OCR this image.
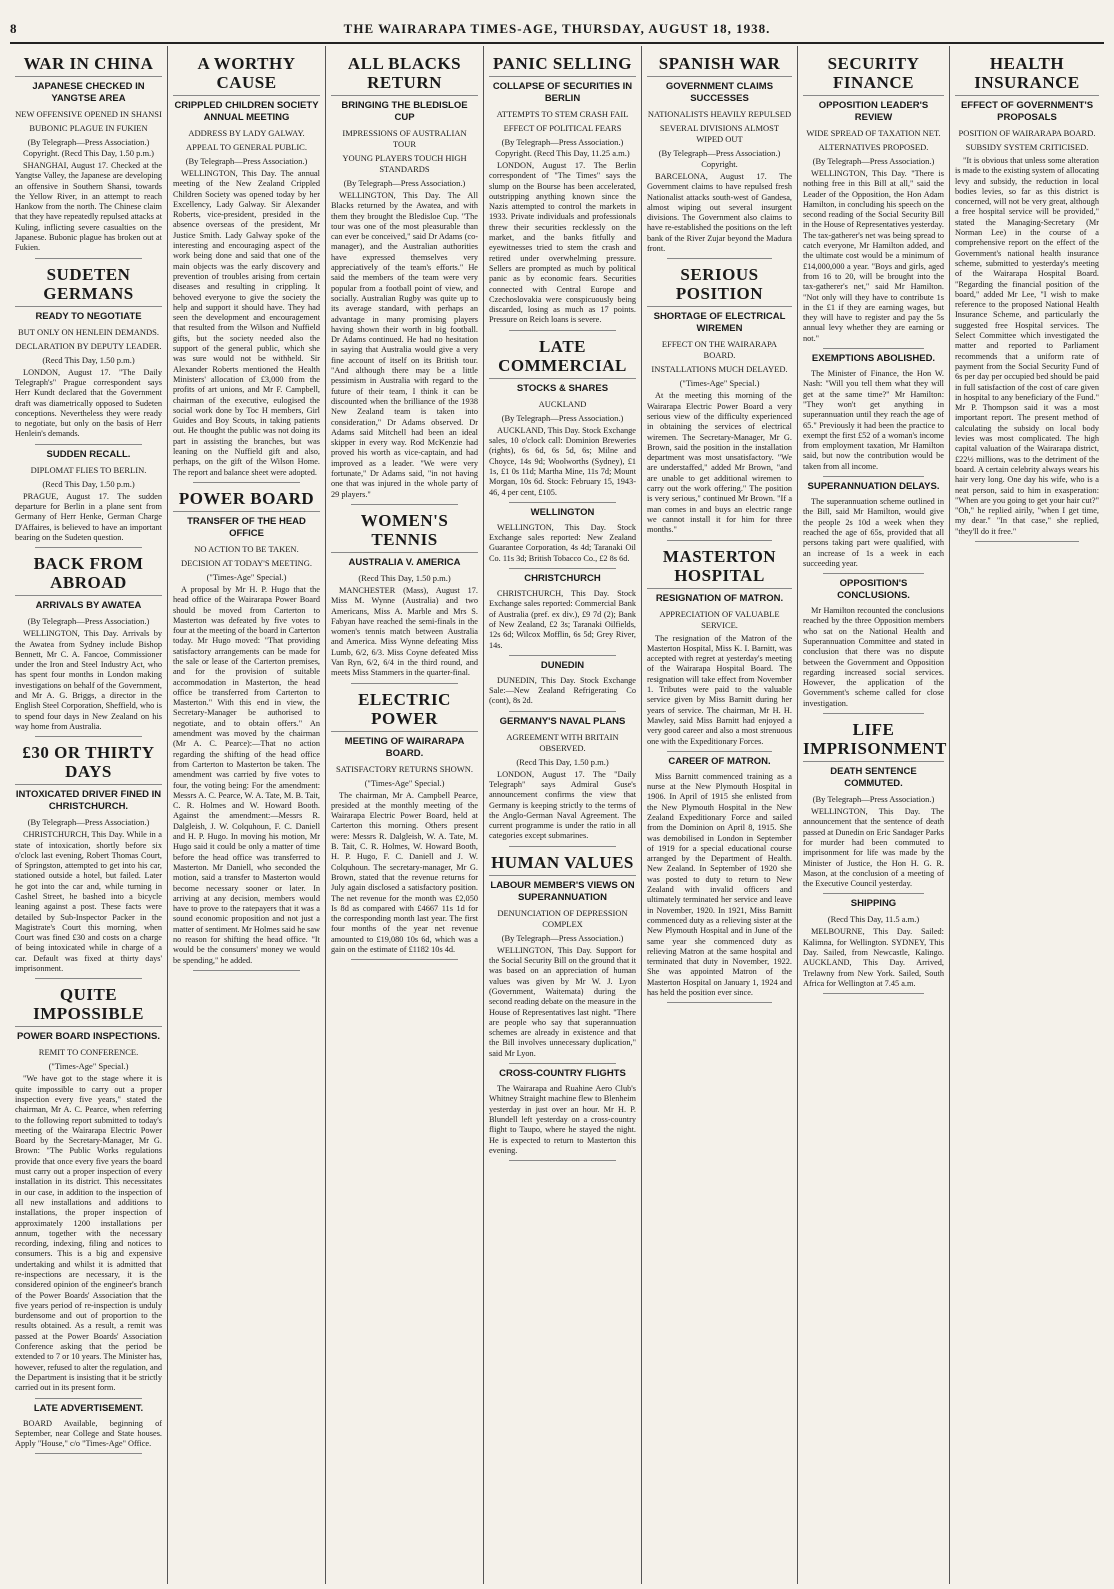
8	THE WAIRARAPA TIMES-AGE, THURSDAY, AUGUST 18, 1938.
WAR IN CHINA
JAPANESE CHECKED IN YANGTSE AREA
NEW OFFENSIVE OPENED IN SHANSI
BUBONIC PLAGUE IN FUKIEN
(By Telegraph—Press Association.) Copyright. (Recd This Day, 1.50 p.m.)

SHANGHAI, August 17. Checked at the Yangtse Valley, the Japanese are developing an offensive in Southern Shansi, towards the Yellow River, in an attempt to reach Hankow from the north. The Chinese claim that they have repeatedly repulsed attacks at Kuling, inflicting severe casualties on the Japanese. Bubonic plague has broken out at Fukien.

SUDETEN GERMANS
READY TO NEGOTIATE
BUT ONLY ON HENLEIN DEMANDS.
DECLARATION BY DEPUTY LEADER.
(Recd This Day, 1.50 p.m.)

LONDON, August 17. "The Daily Telegraph's" Prague correspondent says Herr Kundt declared that the Government draft was diametrically opposed to Sudeten conceptions. Nevertheless they were ready to negotiate, but only on the basis of Herr Henlein's demands.

SUDDEN RECALL.
DIPLOMAT FLIES TO BERLIN.
(Recd This Day, 1.50 p.m.)

PRAGUE, August 17. The sudden departure for Berlin in a plane sent from Germany of Herr Henke, German Charge D'Affaires, is believed to have an important bearing on the Sudeten question.

BACK FROM ABROAD
ARRIVALS BY AWATEA
(By Telegraph—Press Association.)

WELLINGTON, This Day. Arrivals by the Awatea from Sydney include Bishop Bennett, Mr C. A. Fancoe, Commissioner under the Iron and Steel Industry Act, who has spent four months in London making investigations on behalf of the Government, and Mr A. G. Briggs, a director in the English Steel Corporation, Sheffield, who is to spend four days in New Zealand on his way home from Australia.

£30 OR THIRTY DAYS
INTOXICATED DRIVER FINED IN CHRISTCHURCH.
(By Telegraph—Press Association.)

CHRISTCHURCH, This Day. While in a state of intoxication, shortly before six o'clock last evening, Robert Thomas Court, of Springston, attempted to get into his car, stationed outside a hotel, but failed. Later he got into the car and, while turning in Cashel Street, he bashed into a bicycle leaning against a post. These facts were detailed by Sub-Inspector Packer in the Magistrate's Court this morning, when Court was fined £30 and costs on a charge of being intoxicated while in charge of a car. Default was fixed at thirty days' imprisonment.

QUITE IMPOSSIBLE
POWER BOARD INSPECTIONS.
REMIT TO CONFERENCE.
("Times-Age" Special.)

"We have got to the stage where it is quite impossible to carry out a proper inspection every five years," stated the chairman, Mr A. C. Pearce, when referring to the following report submitted to today's meeting of the Wairarapa Electric Power Board by the Secretary-Manager, Mr G. Brown: "The Public Works regulations provide that once every five years the board must carry out a proper inspection of every installation in its district. This necessitates in our case, in addition to the inspection of all new installations and additions to installations, the proper inspection of approximately 1200 installations per annum, together with the necessary recording, indexing, filing and notices to consumers. This is a big and expensive undertaking and whilst it is admitted that re-inspections are necessary, it is the considered opinion of the engineer's branch of the Power Boards' Association that the five years period of re-inspection is unduly burdensome and out of proportion to the results obtained. As a result, a remit was passed at the Power Boards' Association Conference asking that the period be extended to 7 or 10 years. The Minister has, however, refused to alter the regulation, and the Department is insisting that it be strictly carried out in its present form.

LATE ADVERTISEMENT.

BOARD Available, beginning of September, near College and State houses. Apply "House," c/o "Times-Age" Office.

A WORTHY CAUSE
CRIPPLED CHILDREN SOCIETY ANNUAL MEETING
ADDRESS BY LADY GALWAY.
APPEAL TO GENERAL PUBLIC.
(By Telegraph—Press Association.)

WELLINGTON, This Day. The annual meeting of the New Zealand Crippled Children Society was opened today by her Excellency, Lady Galway. Sir Alexander Roberts, vice-president, presided in the absence overseas of the president, Mr Justice Smith. Lady Galway spoke of the interesting and encouraging aspect of the work being done and said that one of the main objects was the early discovery and prevention of troubles arising from certain diseases and resulting in crippling. It behoved everyone to give the society the help and support it should have. They had seen the development and encouragement that resulted from the Wilson and Nuffield gifts, but the society needed also the support of the general public, which she was sure would not be withheld. Sir Alexander Roberts mentioned the Health Ministers' allocation of £3,000 from the profits of art unions, and Mr F. Campbell, chairman of the executive, eulogised the social work done by Toc H members, Girl Guides and Boy Scouts, in taking patients out. He thought the public was not doing its part in assisting the branches, but was leaning on the Nuffield gift and also, perhaps, on the gift of the Wilson Home. The report and balance sheet were adopted.

POWER BOARD
TRANSFER OF THE HEAD OFFICE
NO ACTION TO BE TAKEN.
DECISION AT TODAY'S MEETING.
("Times-Age" Special.)

A proposal by Mr H. P. Hugo that the head office of the Wairarapa Power Board should be moved from Carterton to Masterton was defeated by five votes to four at the meeting of the board in Carterton today. Mr Hugo moved: "That providing satisfactory arrangements can be made for the sale or lease of the Carterton premises, and for the provision of suitable accommodation in Masterton, the head office be transferred from Carterton to Masterton." With this end in view, the Secretary-Manager be authorised to negotiate, and to obtain offers." An amendment was moved by the chairman (Mr A. C. Pearce):—That no action regarding the shifting of the head office from Carterton to Masterton be taken. The amendment was carried by five votes to four, the voting being: For the amendment: Messrs A. C. Pearce, W. A. Tate, M. B. Tait, C. R. Holmes and W. Howard Booth. Against the amendment:—Messrs R. Dalgleish, J. W. Colquhoun, F. C. Daniell and H. P. Hugo. In moving his motion, Mr Hugo said it could be only a matter of time before the head office was transferred to Masterton. Mr Daniell, who seconded the motion, said a transfer to Masterton would become necessary sooner or later. In arriving at any decision, members would have to prove to the ratepayers that it was a sound economic proposition and not just a matter of sentiment. Mr Holmes said he saw no reason for shifting the head office. "It would be the consumers' money we would be spending," he added.

ALL BLACKS RETURN
BRINGING THE BLEDISLOE CUP
IMPRESSIONS OF AUSTRALIAN TOUR
YOUNG PLAYERS TOUCH HIGH STANDARDS
(By Telegraph—Press Association.)

WELLINGTON, This Day. The All Blacks returned by the Awatea, and with them they brought the Bledisloe Cup. "The tour was one of the most pleasurable than can ever be conceived," said Dr Adams (co-manager), and the Australian authorities have expressed themselves very appreciatively of the team's efforts." He said the members of the team were very popular from a football point of view, and socially. Australian Rugby was quite up to its average standard, with perhaps an advantage in many promising players having shown their worth in big football. Dr Adams continued. He had no hesitation in saying that Australia would give a very fine account of itself on its British tour. "And although there may be a little pessimism in Australia with regard to the future of their team, I think it can be discounted when the brilliance of the 1938 New Zealand team is taken into consideration," Dr Adams observed. Dr Adams said Mitchell had been an ideal skipper in every way. Rod McKenzie had proved his worth as vice-captain, and had improved as a leader. "We were very fortunate," Dr Adams said, "in not having one that was injured in the whole party of 29 players."

WOMEN'S TENNIS
AUSTRALIA V. AMERICA
(Recd This Day, 1.50 p.m.)

MANCHESTER (Mass), August 17. Miss M. Wynne (Australia) and two Americans, Miss A. Marble and Mrs S. Fabyan have reached the semi-finals in the women's tennis match between Australia and America. Miss Wynne defeating Miss Lumb, 6/2, 6/3. Miss Coyne defeated Miss Van Ryn, 6/2, 6/4 in the third round, and meets Miss Stammers in the quarter-final.

ELECTRIC POWER
MEETING OF WAIRARAPA BOARD.
SATISFACTORY RETURNS SHOWN.
("Times-Age" Special.)

The chairman, Mr A. Campbell Pearce, presided at the monthly meeting of the Wairarapa Electric Power Board, held at Carterton this morning. Others present were: Messrs R. Dalgleish, W. A. Tate, M. B. Tait, C. R. Holmes, W. Howard Booth, H. P. Hugo, F. C. Daniell and J. W. Colquhoun. The secretary-manager, Mr G. Brown, stated that the revenue returns for July again disclosed a satisfactory position. The net revenue for the month was £2,050 Is 8d as compared with £4667 11s 1d for the corresponding month last year. The first four months of the year net revenue amounted to £19,080 10s 6d, which was a gain on the estimate of £1182 10s 4d.

PANIC SELLING
COLLAPSE OF SECURITIES IN BERLIN
ATTEMPTS TO STEM CRASH FAIL
EFFECT OF POLITICAL FEARS
(By Telegraph—Press Association.) Copyright. (Recd This Day, 11.25 a.m.)

LONDON, August 17. The Berlin correspondent of "The Times" says the slump on the Bourse has been accelerated, outstripping anything known since the Nazis attempted to control the markets in 1933. Private individuals and professionals threw their securities recklessly on the market, and the banks fitfully and eyewitnesses tried to stem the crash and retired under overwhelming pressure. Sellers are prompted as much by political panic as by economic fears. Securities connected with Central Europe and Czechoslovakia were conspicuously being discarded, losing as much as 17 points. Pressure on Reich loans is severe.

LATE COMMERCIAL
STOCKS & SHARES
AUCKLAND
(By Telegraph—Press Association.)

AUCKLAND, This Day. Stock Exchange sales, 10 o'clock call: Dominion Breweries (rights), 6s 6d, 6s 5d, 6s; Milne and Choyce, 14s 9d; Woolworths (Sydney), £1 1s, £1 0s 11d; Martha Mine, 11s 7d; Mount Morgan, 10s 6d. Stock: February 15, 1943-46, 4 per cent, £105.

WELLINGTON

WELLINGTON, This Day. Stock Exchange sales reported: New Zealand Guarantee Corporation, 4s 4d; Taranaki Oil Co. 11s 3d; British Tobacco Co., £2 8s 6d.

CHRISTCHURCH

CHRISTCHURCH, This Day. Stock Exchange sales reported: Commercial Bank of Australia (pref. ex div.), £9 7d (2); Bank of New Zealand, £2 3s; Taranaki Oilfields, 12s 6d; Wilcox Mofflin, 6s 5d; Grey River, 14s.

DUNEDIN

DUNEDIN, This Day. Stock Exchange Sale:—New Zealand Refrigerating Co (cont), 8s 2d.

GERMANY'S NAVAL PLANS
AGREEMENT WITH BRITAIN OBSERVED.
(Recd This Day, 1.50 p.m.)

LONDON, August 17. The "Daily Telegraph" says Admiral Guse's announcement confirms the view that Germany is keeping strictly to the terms of the Anglo-German Naval Agreement. The current programme is under the ratio in all categories except submarines.

HUMAN VALUES
LABOUR MEMBER'S VIEWS ON SUPERANNUATION
DENUNCIATION OF DEPRESSION COMPLEX
(By Telegraph—Press Association.)

WELLINGTON, This Day. Support for the Social Security Bill on the ground that it was based on an appreciation of human values was given by Mr W. J. Lyon (Government, Waitemata) during the second reading debate on the measure in the House of Representatives last night. "There are people who say that superannuation schemes are already in existence and that the Bill involves unnecessary duplication," said Mr Lyon.

CROSS-COUNTRY FLIGHTS

The Wairarapa and Ruahine Aero Club's Whitney Straight machine flew to Blenheim yesterday in just over an hour. Mr H. P. Blundell left yesterday on a cross-country flight to Taupo, where he stayed the night. He is expected to return to Masterton this evening.

SPANISH WAR
GOVERNMENT CLAIMS SUCCESSES
NATIONALISTS HEAVILY REPULSED
SEVERAL DIVISIONS ALMOST WIPED OUT
(By Telegraph—Press Association.) Copyright.

BARCELONA, August 17. The Government claims to have repulsed fresh Nationalist attacks south-west of Gandesa, almost wiping out several insurgent divisions. The Government also claims to have re-established the positions on the left bank of the River Zujar beyond the Madura front.

SERIOUS POSITION
SHORTAGE OF ELECTRICAL WIREMEN
EFFECT ON THE WAIRARAPA BOARD.
INSTALLATIONS MUCH DELAYED.
("Times-Age" Special.)

At the meeting this morning of the Wairarapa Electric Power Board a very serious view of the difficulty experienced in obtaining the services of electrical wiremen. The Secretary-Manager, Mr G. Brown, said the position in the installation department was most unsatisfactory. "We are understaffed," added Mr Brown, "and are unable to get additional wiremen to carry out the work offering." The position is very serious," continued Mr Brown. "If a man comes in and buys an electric range we cannot install it for him for three months."

MASTERTON HOSPITAL
RESIGNATION OF MATRON.
APPRECIATION OF VALUABLE SERVICE.

The resignation of the Matron of the Masterton Hospital, Miss K. I. Barnitt, was accepted with regret at yesterday's meeting of the Wairarapa Hospital Board. The resignation will take effect from November 1. Tributes were paid to the valuable service given by Miss Barnitt during her years of service. The chairman, Mr H. H. Mawley, said Miss Barnitt had enjoyed a very good career and also a most strenuous one with the Expeditionary Forces.

CAREER OF MATRON.

Miss Barnitt commenced training as a nurse at the New Plymouth Hospital in 1906. In April of 1915 she enlisted from the New Plymouth Hospital in the New Zealand Expeditionary Force and sailed from the Dominion on April 8, 1915. She was demobilised in London in September of 1919 for a special educational course arranged by the Department of Health. New Zealand. In September of 1920 she was posted to duty to return to New Zealand with invalid officers and ultimately terminated her service and leave in November, 1920. In 1921, Miss Barnitt commenced duty as a relieving sister at the New Plymouth Hospital and in June of the same year she commenced duty as relieving Matron at the same hospital and terminated that duty in November, 1922. She was appointed Matron of the Masterton Hospital on January 1, 1924 and has held the position ever since.

SECURITY FINANCE
OPPOSITION LEADER'S REVIEW
WIDE SPREAD OF TAXATION NET.
ALTERNATIVES PROPOSED.
(By Telegraph—Press Association.)

WELLINGTON, This Day. "There is nothing free in this Bill at all," said the Leader of the Opposition, the Hon Adam Hamilton, in concluding his speech on the second reading of the Social Security Bill in the House of Representatives yesterday. The tax-gatherer's net was being spread to catch everyone, Mr Hamilton added, and the ultimate cost would be a minimum of £14,000,000 a year. "Boys and girls, aged from 16 to 20, will be brought into the tax-gatherer's net," said Mr Hamilton. "Not only will they have to contribute 1s in the £1 if they are earning wages, but they will have to register and pay the 5s annual levy whether they are earning or not."

EXEMPTIONS ABOLISHED.

The Minister of Finance, the Hon W. Nash: "Will you tell them what they will get at the same time?" Mr Hamilton: "They won't get anything in superannuation until they reach the age of 65." Previously it had been the practice to exempt the first £52 of a woman's income from employment taxation, Mr Hamilton said, but now the contribution would be taken from all income.

SUPERANNUATION DELAYS.

The superannuation scheme outlined in the Bill, said Mr Hamilton, would give the people 2s 10d a week when they reached the age of 65s, provided that all persons taking part were qualified, with an increase of 1s a week in each succeeding year.

OPPOSITION'S CONCLUSIONS.

Mr Hamilton recounted the conclusions reached by the three Opposition members who sat on the National Health and Superannuation Committee and stated in conclusion that there was no dispute between the Government and Opposition regarding increased social services. However, the application of the Government's scheme called for close investigation.

LIFE IMPRISONMENT
DEATH SENTENCE COMMUTED.
(By Telegraph—Press Association.)

WELLINGTON, This Day. The announcement that the sentence of death passed at Dunedin on Eric Sandager Parks for murder had been commuted to imprisonment for life was made by the Minister of Justice, the Hon H. G. R. Mason, at the conclusion of a meeting of the Executive Council yesterday.

SHIPPING
(Recd This Day, 11.5 a.m.)

MELBOURNE, This Day. Sailed: Kalimna, for Wellington. SYDNEY, This Day. Sailed, from Newcastle, Kalingo. AUCKLAND, This Day. Arrived, Trelawny from New York. Sailed, South Africa for Wellington at 7.45 a.m.

HEALTH INSURANCE
EFFECT OF GOVERNMENT'S PROPOSALS
POSITION OF WAIRARAPA BOARD.
SUBSIDY SYSTEM CRITICISED.

"It is obvious that unless some alteration is made to the existing system of allocating levy and subsidy, the reduction in local bodies levies, so far as this district is concerned, will not be very great, although a free hospital service will be provided," stated the Managing-Secretary (Mr Norman Lee) in the course of a comprehensive report on the effect of the Government's national health insurance scheme, submitted to yesterday's meeting of the Wairarapa Hospital Board. "Regarding the financial position of the board," added Mr Lee, "I wish to make reference to the proposed National Health Insurance Scheme, and particularly the suggested free Hospital services. The Select Committee which investigated the matter and reported to Parliament recommends that a uniform rate of payment from the Social Security Fund of 6s per day per occupied bed should be paid in full satisfaction of the cost of care given in hospital to any beneficiary of the Fund." Mr P. Thompson said it was a most important report. The present method of calculating the subsidy on local body levies was most complicated. The high capital valuation of the Wairarapa district, £22½ millions, was to the detriment of the board. A certain celebrity always wears his hair very long. One day his wife, who is a neat person, said to him in exasperation: "When are you going to get your hair cut?" "Oh," he replied airily, "when I get time, my dear." "In that case," she replied, "they'll do it free."
